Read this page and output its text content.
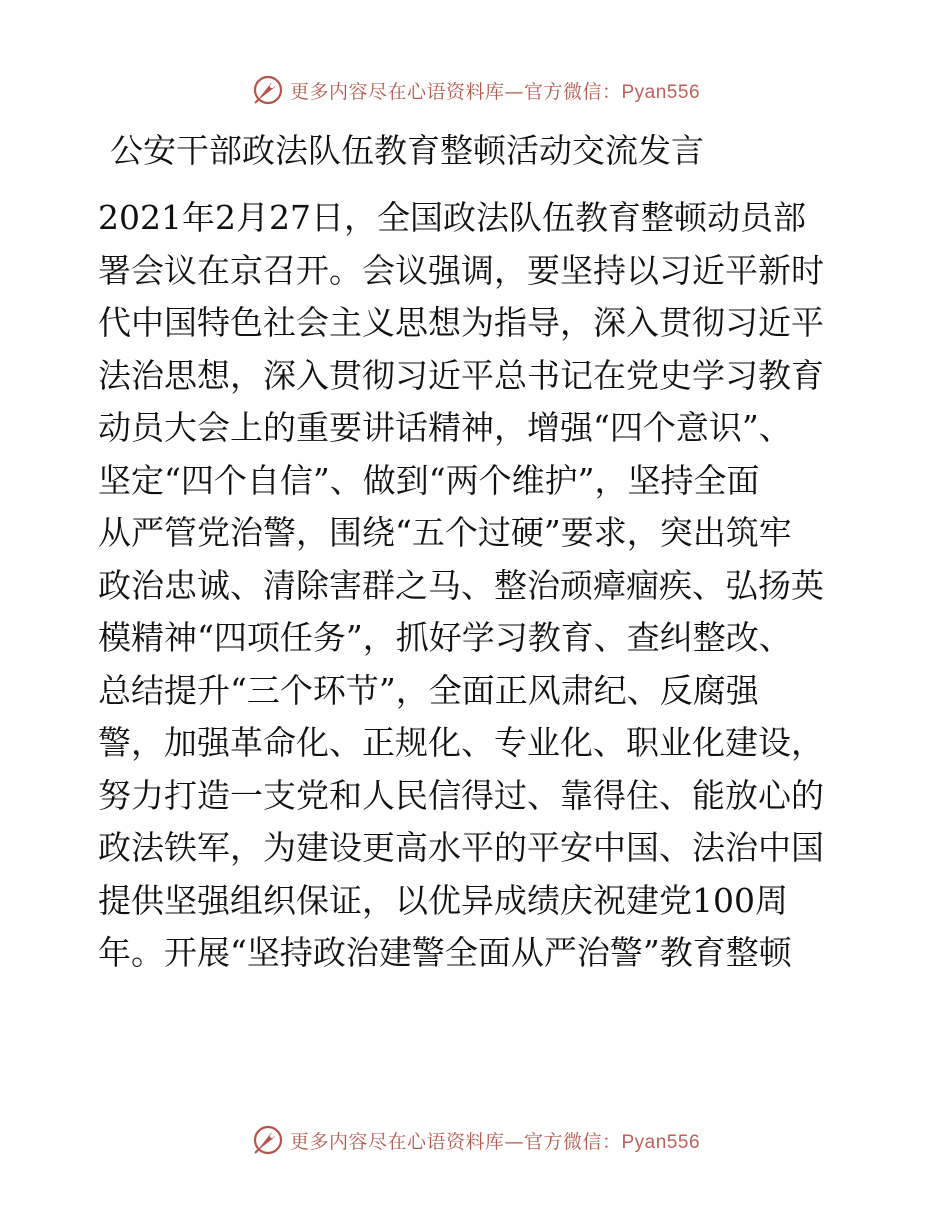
更多内容尽在心语资料库—官方微信：Pyan556
公安干部政法队伍教育整顿活动交流发言
2021年2月27日，全国政法队伍教育整顿动员部
署会议在京召开。会议强调，要坚持以习近平新时
代中国特色社会主义思想为指导，深入贯彻习近平
法治思想，深入贯彻习近平总书记在党史学习教育
动员大会上的重要讲话精神，增强“四个意识”、
坚定“四个自信”、做到“两个维护”，坚持全面
从严管党治警，围绕“五个过硬”要求，突出筑牢
政治忠诚、清除害群之马、整治顽瘴痼疾、弘扬英
模精神“四项任务”，抓好学习教育、查纠整改、
总结提升“三个环节”，全面正风肃纪、反腐强
警，加强革命化、正规化、专业化、职业化建设，
努力打造一支党和人民信得过、靠得住、能放心的
政法铁军，为建设更高水平的平安中国、法治中国
提供坚强组织保证，以优异成绩庆祝建党100周
年。开展“坚持政治建警全面从严治警”教育整顿
更多内容尽在心语资料库—官方微信：Pyan556
